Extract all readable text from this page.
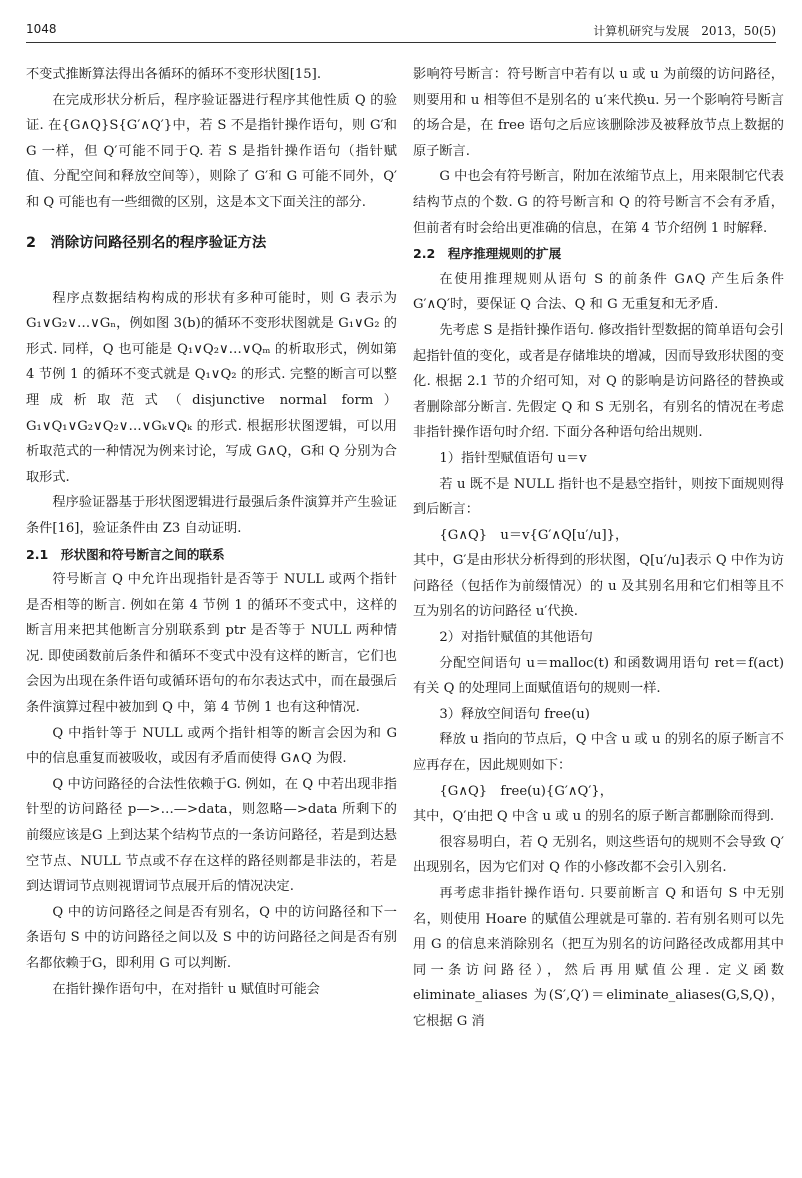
1048	计算机研究与发展　2013，50(5)

不变式推断算法得出各循环的循环不变形状图[15].

在完成形状分析后，程序验证器进行程序其他性质 Q 的验证. 在{G∧Q}S{G′∧Q′}中，若 S 不是指针操作语句，则 G′和G 一样，但 Q′可能不同于Q. 若 S 是指针操作语句（指针赋值、分配空间和释放空间等），则除了 G′和 G 可能不同外，Q′和 Q 可能也有一些细微的区别，这是本文下面关注的部分.

2　消除访问路径别名的程序验证方法

程序点数据结构构成的形状有多种可能时，则 G 表示为 G₁∨G₂∨…∨Gₙ，例如图 3(b)的循环不变形状图就是 G₁∨G₂ 的形式. 同样，Q 也可能是 Q₁∨Q₂∨…∨Qₘ 的析取形式，例如第 4 节例 1 的循环不变式就是 Q₁∨Q₂ 的形式. 完整的断言可以整理成析取范式（disjunctive normal form）G₁∨Q₁∨G₂∨Q₂∨…∨Gₖ∨Qₖ 的形式. 根据形状图逻辑，可以用析取范式的一种情况为例来讨论，写成 G∧Q，G和 Q 分别为合取形式.

程序验证器基于形状图逻辑进行最强后条件演算并产生验证条件[16]，验证条件由 Z3 自动证明.

2.1　形状图和符号断言之间的联系

符号断言 Q 中允许出现指针是否等于 NULL 或两个指针是否相等的断言. 例如在第 4 节例 1 的循环不变式中，这样的断言用来把其他断言分别联系到 ptr 是否等于 NULL 两种情况. 即使函数前后条件和循环不变式中没有这样的断言，它们也会因为出现在条件语句或循环语句的布尔表达式中，而在最强后条件演算过程中被加到 Q 中，第 4 节例 1 也有这种情况.

Q 中指针等于 NULL 或两个指针相等的断言会因为和 G 中的信息重复而被吸收，或因有矛盾而使得 G∧Q 为假.

Q 中访问路径的合法性依赖于G. 例如，在 Q 中若出现非指针型的访问路径 p—>…—>data，则忽略—>data 所剩下的前缀应该是G 上到达某个结构节点的一条访问路径，若是到达悬空节点、NULL 节点或不存在这样的路径则都是非法的，若是到达谓词节点则视谓词节点展开后的情况决定.

Q 中的访问路径之间是否有别名，Q 中的访问路径和下一条语句 S 中的访问路径之间以及 S 中的访问路径之间是否有别名都依赖于G，即利用 G 可以判断.

在指针操作语句中，在对指针 u 赋值时可能会

影响符号断言：符号断言中若有以 u 或 u 为前缀的访问路径，则要用和 u 相等但不是别名的 u′来代换u. 另一个影响符号断言的场合是，在 free 语句之后应该删除涉及被释放节点上数据的原子断言.

G 中也会有符号断言，附加在浓缩节点上，用来限制它代表结构节点的个数. G 的符号断言和 Q 的符号断言不会有矛盾，但前者有时会给出更准确的信息，在第 4 节介绍例 1 时解释.

2.2　程序推理规则的扩展

在使用推理规则从语句 S 的前条件 G∧Q 产生后条件 G′∧Q′时，要保证 Q 合法、Q 和 G 无重复和无矛盾.

先考虑 S 是指针操作语句. 修改指针型数据的简单语句会引起指针值的变化，或者是存储堆块的增减，因而导致形状图的变化. 根据 2.1 节的介绍可知，对 Q 的影响是访问路径的替换或者删除部分断言. 先假定 Q 和 S 无别名，有别名的情况在考虑非指针操作语句时介绍. 下面分各种语句给出规则.

1）指针型赋值语句 u＝v

若 u 既不是 NULL 指针也不是悬空指针，则按下面规则得到后断言：

{G∧Q}　u＝v{G′∧Q[u′/u]}，

其中，G′是由形状分析得到的形状图，Q[u′/u]表示 Q 中作为访问路径（包括作为前缀情况）的 u 及其别名用和它们相等且不互为别名的访问路径 u′代换.

2）对指针赋值的其他语句

分配空间语句 u＝malloc(t) 和函数调用语句 ret＝f(act) 有关 Q 的处理同上面赋值语句的规则一样.

3）释放空间语句 free(u)

释放 u 指向的节点后，Q 中含 u 或 u 的别名的原子断言不应再存在，因此规则如下：

{G∧Q}　free(u){G′∧Q′}，

其中，Q′由把 Q 中含 u 或 u 的别名的原子断言都删除而得到.

很容易明白，若 Q 无别名，则这些语句的规则不会导致 Q′出现别名，因为它们对 Q 作的小修改都不会引入别名.

再考虑非指针操作语句. 只要前断言 Q 和语句 S 中无别名，则使用 Hoare 的赋值公理就是可靠的. 若有别名则可以先用 G 的信息来消除别名（把互为别名的访问路径改成都用其中同一条访问路径），然后再用赋值公理. 定义函数 eliminate_aliases 为(S′,Q′)＝eliminate_aliases(G,S,Q)，它根据 G 消
